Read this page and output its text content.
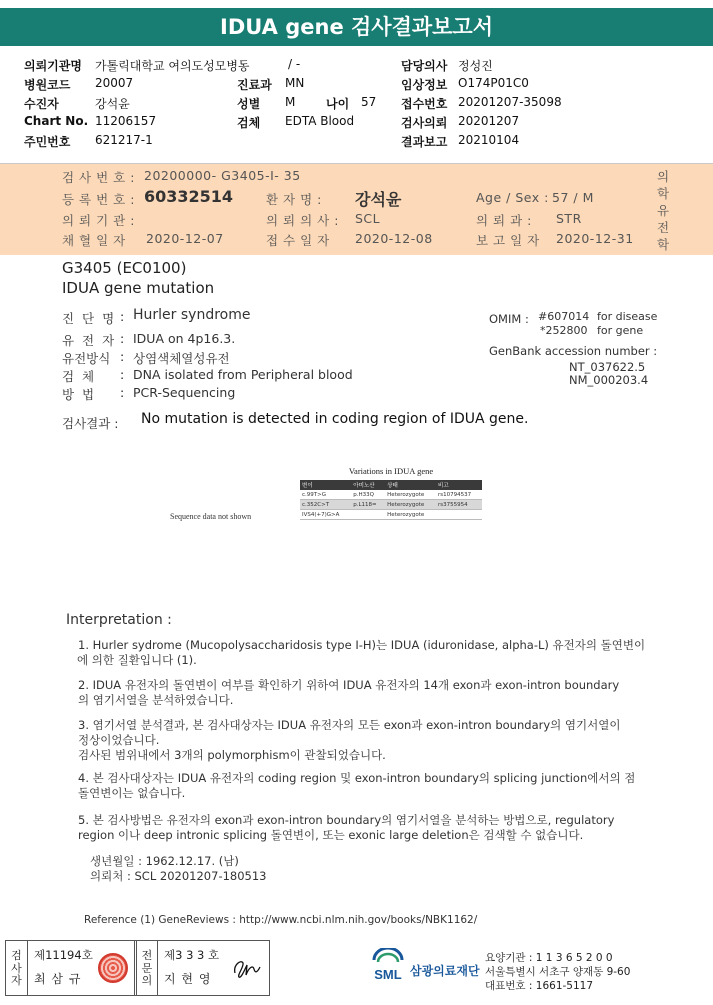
IDUA gene 검사결과보고서
의뢰기관명 가톨릭대학교 여의도성모병동	/ -
병원코드 20007
수진자	강석윤
Chart No. 11206157
주민번호 621217-1
진료과 MN
성별 M	나이 57
검체 EDTA Blood
담당의사 정성진
임상정보 O174P01C0
접수번호 20201207-35098
검사의뢰 20201207
결과보고 20210104
검 사 번 호 : 20200000- G3405-I- 35
등 록 번 호 : 60332514	환 자 명 : 강석윤	Age / Sex : 57 / M
의 뢰 기 관 :	의 뢰 의 사 : SCL	의 뢰 과 : STR
채 혈 일 자 2020-12-07	접 수 일 자 2020-12-08	보 고 일 자 2020-12-31
의
학
유
전
학
G3405 (EC0100)
IDUA gene mutation
진 단 명 : Hurler syndrome
유 전 자 : IDUA on 4p16.3.
유전방식 : 상염색체열성유전
검 체 : DNA isolated from Peripheral blood
방 법 : PCR-Sequencing
OMIM : #607014 for disease
*252800 for gene
GenBank accession number :
NT_037622.5
NM_000203.4
검사결과 : No mutation is detected in coding region of IDUA gene.
Variations in IDUA gene
변이	아미노산	상태	비고
c.99T>G	p.H33Q	Heterozygote	rs10794537
c.352C>T	p.L118=	Heterozygote	rs3755954
IVS4(+7)G>A		Heterozygote	
Sequence data not shown
Interpretation :
1. Hurler sydrome (Mucopolysaccharidosis type I-H)는 IDUA (iduronidase, alpha-L) 유전자의 돌연변이
에 의한 질환입니다 (1).
2. IDUA 유전자의 돌연변이 여부를 확인하기 위하여 IDUA 유전자의 14개 exon과 exon-intron boundary
의 염기서열을 분석하였습니다.
3. 염기서열 분석결과, 본 검사대상자는 IDUA 유전자의 모든 exon과 exon-intron boundary의 염기서열이
정상이었습니다.
검사된 범위내에서 3개의 polymorphism이 관찰되었습니다.
4. 본 검사대상자는 IDUA 유전자의 coding region 및 exon-intron boundary의 splicing junction에서의 점
돌연변이는 없습니다.
5. 본 검사방법은 유전자의 exon과 exon-intron boundary의 염기서열을 분석하는 방법으로, regulatory
region 이나 deep intronic splicing 돌연변이, 또는 exonic large deletion은 검색할 수 없습니다.
생년월일 : 1962.12.17. (남)
의뢰처 : SCL 20201207-180513
Reference (1) GeneReviews : http://www.ncbi.nlm.nih.gov/books/NBK1162/
검
사
자
제11194호
최 삼 규
전
문
의
제3 3 3 호
지 현 영	SML 삼광의료재단
요양기관 : 1 1 3 6 5 2 0 0
서울특별시 서초구 양재동 9-60
대표번호 : 1661-5117
